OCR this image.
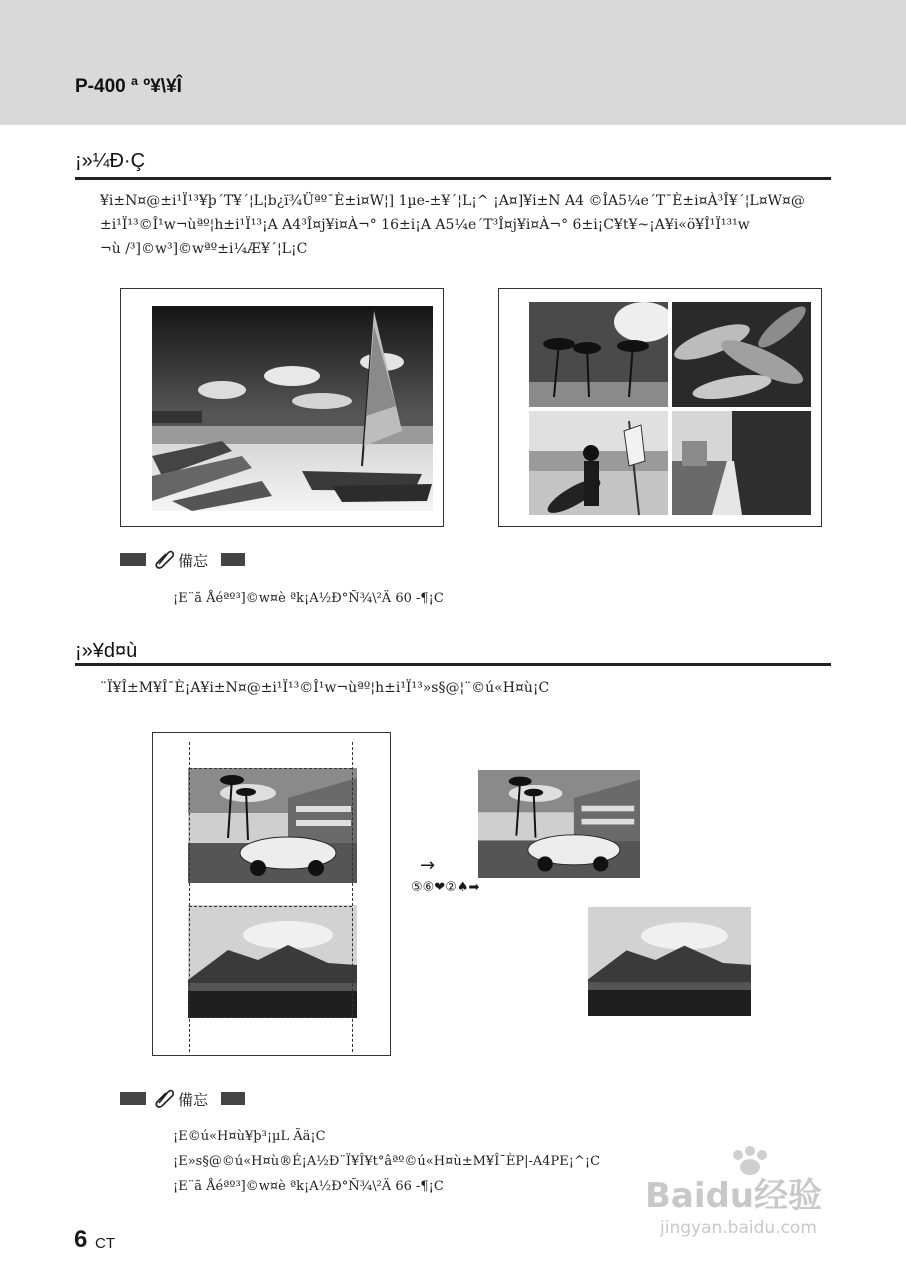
P-400 ª º¥\¥Î
¡»¼Ð·Ç
¥i±N¤@±i¹Ï¹³¥þ´T¥´¦L¦b¿ï¾Üªº¯È±i¤W¦] 1µe-±¥´¦L¡^ ¡A¤]¥i±N A4 ©ÎA5¼e´T¯È±i¤À³Î¥´¦L¤W¤@
±i¹Ï¹³©Î¹w¬ùªº¦h±i¹Ï¹³¡A A4³Î¤j¥i¤À¬° 16±i¡A A5¼e´T³Î¤j¥i¤À¬° 6±i¡C¥t¥~¡A¥i«ö¥Î¹Ï¹³¹w
¬ù /³]©w³]©wªº±i¼Æ¥´¦L¡C
備忘
¡E¨ã Åéªº³]©w¤è ªk¡A½Ð°Ñ¾\²Ä 60 -¶¡C
¡»¥d¤ù
¨Ï¥Î±M¥Î¯È¡A¥i±N¤@±i¹Ï¹³©Î¹w¬ùªº¦h±i¹Ï¹³»s§@¦¨©ú«H¤ù¡C
→
⑤⑥❤②♠➡
備忘
¡E©ú«H¤ù¥þ³¡µL Ãä¡C
¡E»s§@©ú«H¤ù®É¡A½Ð¨Ï¥Î¥t°âªº©ú«H¤ù±M¥Î¯ÈP|-A4PE¡^¡C
¡E¨ã Åéªº³]©w¤è ªk¡A½Ð°Ñ¾\²Ä 66 -¶¡C
6 CT
Baidu经验
jingyan.baidu.com
